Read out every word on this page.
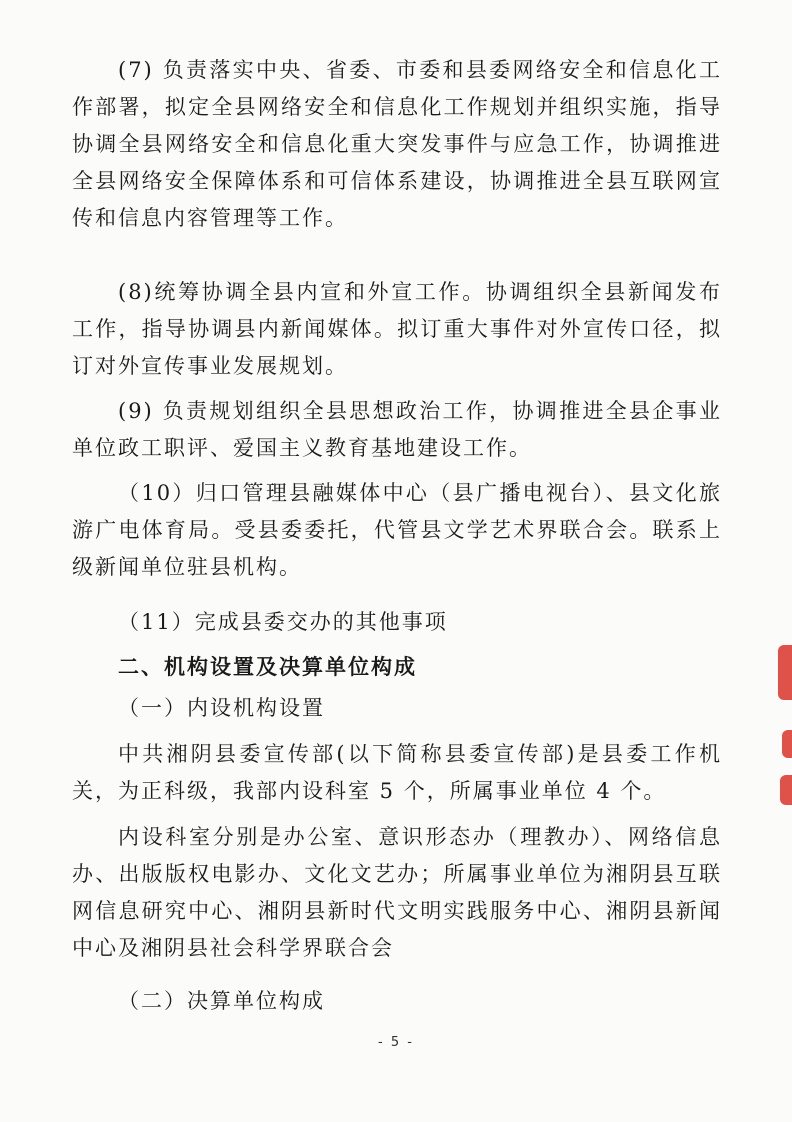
(7) 负责落实中央、省委、市委和县委网络安全和信息化工作部署，拟定全县网络安全和信息化工作规划并组织实施，指导协调全县网络安全和信息化重大突发事件与应急工作，协调推进全县网络安全保障体系和可信体系建设，协调推进全县互联网宣传和信息内容管理等工作。

(8)统筹协调全县内宣和外宣工作。协调组织全县新闻发布工作，指导协调县内新闻媒体。拟订重大事件对外宣传口径，拟订对外宣传事业发展规划。

(9) 负责规划组织全县思想政治工作，协调推进全县企事业单位政工职评、爱国主义教育基地建设工作。

（10）归口管理县融媒体中心（县广播电视台）、县文化旅游广电体育局。受县委委托，代管县文学艺术界联合会。联系上级新闻单位驻县机构。

（11）完成县委交办的其他事项

二、机构设置及决算单位构成

（一）内设机构设置

中共湘阴县委宣传部(以下简称县委宣传部)是县委工作机关，为正科级，我部内设科室 5 个，所属事业单位 4 个。

内设科室分别是办公室、意识形态办（理教办）、网络信息办、出版版权电影办、文化文艺办；所属事业单位为湘阴县互联网信息研究中心、湘阴县新时代文明实践服务中心、湘阴县新闻中心及湘阴县社会科学界联合会

（二）决算单位构成

- 5 -
